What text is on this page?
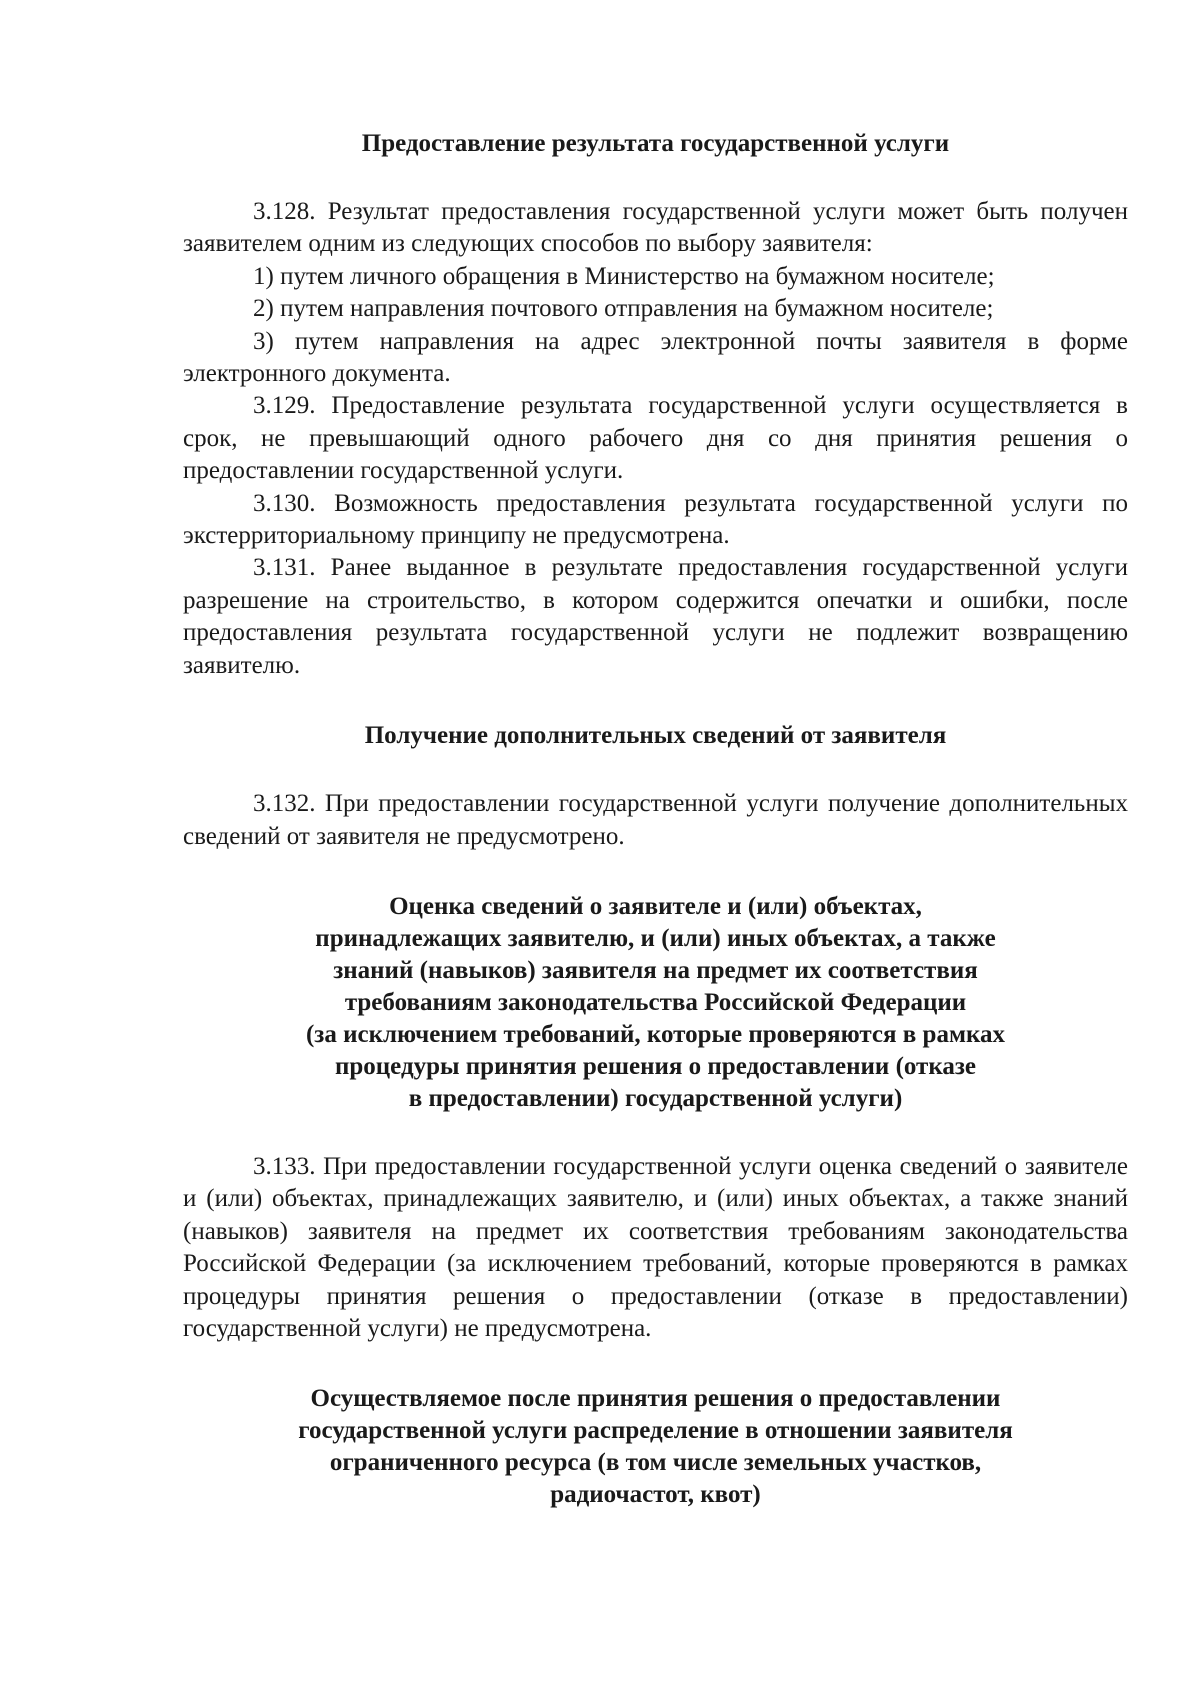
Предоставление результата государственной услуги

3.128. Результат предоставления государственной услуги может быть получен заявителем одним из следующих способов по выбору заявителя:

1) путем личного обращения в Министерство на бумажном носителе;

2) путем направления почтового отправления на бумажном носителе;

3) путем направления на адрес электронной почты заявителя в форме электронного документа.

3.129. Предоставление результата государственной услуги осуществляется в срок, не превышающий одного рабочего дня со дня принятия решения о предоставлении государственной услуги.

3.130. Возможность предоставления результата государственной услуги по экстерриториальному принципу не предусмотрена.

3.131. Ранее выданное в результате предоставления государственной услуги разрешение на строительство, в котором содержится опечатки и ошибки, после предоставления результата государственной услуги не подлежит возвращению заявителю.

Получение дополнительных сведений от заявителя

3.132. При предоставлении государственной услуги получение дополнительных сведений от заявителя не предусмотрено.

Оценка сведений о заявителе и (или) объектах,
принадлежащих заявителю, и (или) иных объектах, а также
знаний (навыков) заявителя на предмет их соответствия
требованиям законодательства Российской Федерации
(за исключением требований, которые проверяются в рамках
процедуры принятия решения о предоставлении (отказе
в предоставлении) государственной услуги)

3.133. При предоставлении государственной услуги оценка сведений о заявителе и (или) объектах, принадлежащих заявителю, и (или) иных объектах, а также знаний (навыков) заявителя на предмет их соответствия требованиям законодательства Российской Федерации (за исключением требований, которые проверяются в рамках процедуры принятия решения о предоставлении (отказе в предоставлении) государственной услуги) не предусмотрена.

Осуществляемое после принятия решения о предоставлении
государственной услуги распределение в отношении заявителя
ограниченного ресурса (в том числе земельных участков,
радиочастот, квот)
